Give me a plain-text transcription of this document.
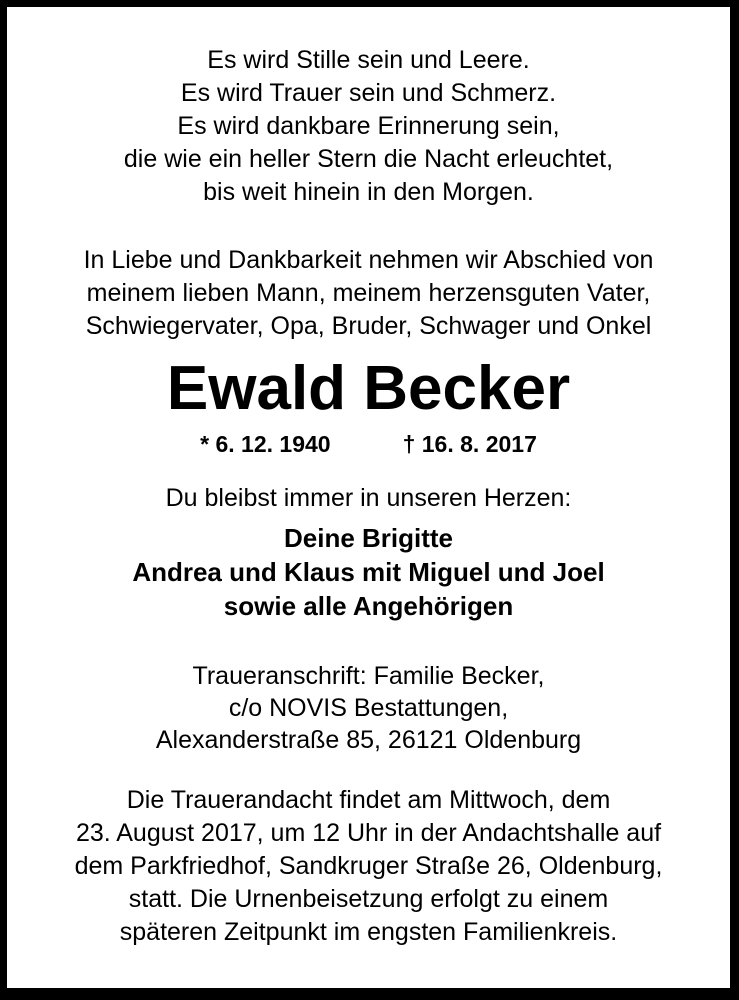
Es wird Stille sein und Leere.
Es wird Trauer sein und Schmerz.
Es wird dankbare Erinnerung sein,
die wie ein heller Stern die Nacht erleuchtet,
bis weit hinein in den Morgen.
In Liebe und Dankbarkeit nehmen wir Abschied von
meinem lieben Mann, meinem herzensguten Vater,
Schwiegervater, Opa, Bruder, Schwager und Onkel
Ewald Becker
* 6. 12. 1940	† 16. 8. 2017
Du bleibst immer in unseren Herzen:
Deine Brigitte
Andrea und Klaus mit Miguel und Joel
sowie alle Angehörigen
Traueranschrift: Familie Becker,
c/o NOVIS Bestattungen,
Alexanderstraße 85, 26121 Oldenburg
Die Trauerandacht findet am Mittwoch, dem
23. August 2017, um 12 Uhr in der Andachtshalle auf
dem Parkfriedhof, Sandkruger Straße 26, Oldenburg,
statt. Die Urnenbeisetzung erfolgt zu einem
späteren Zeitpunkt im engsten Familienkreis.
